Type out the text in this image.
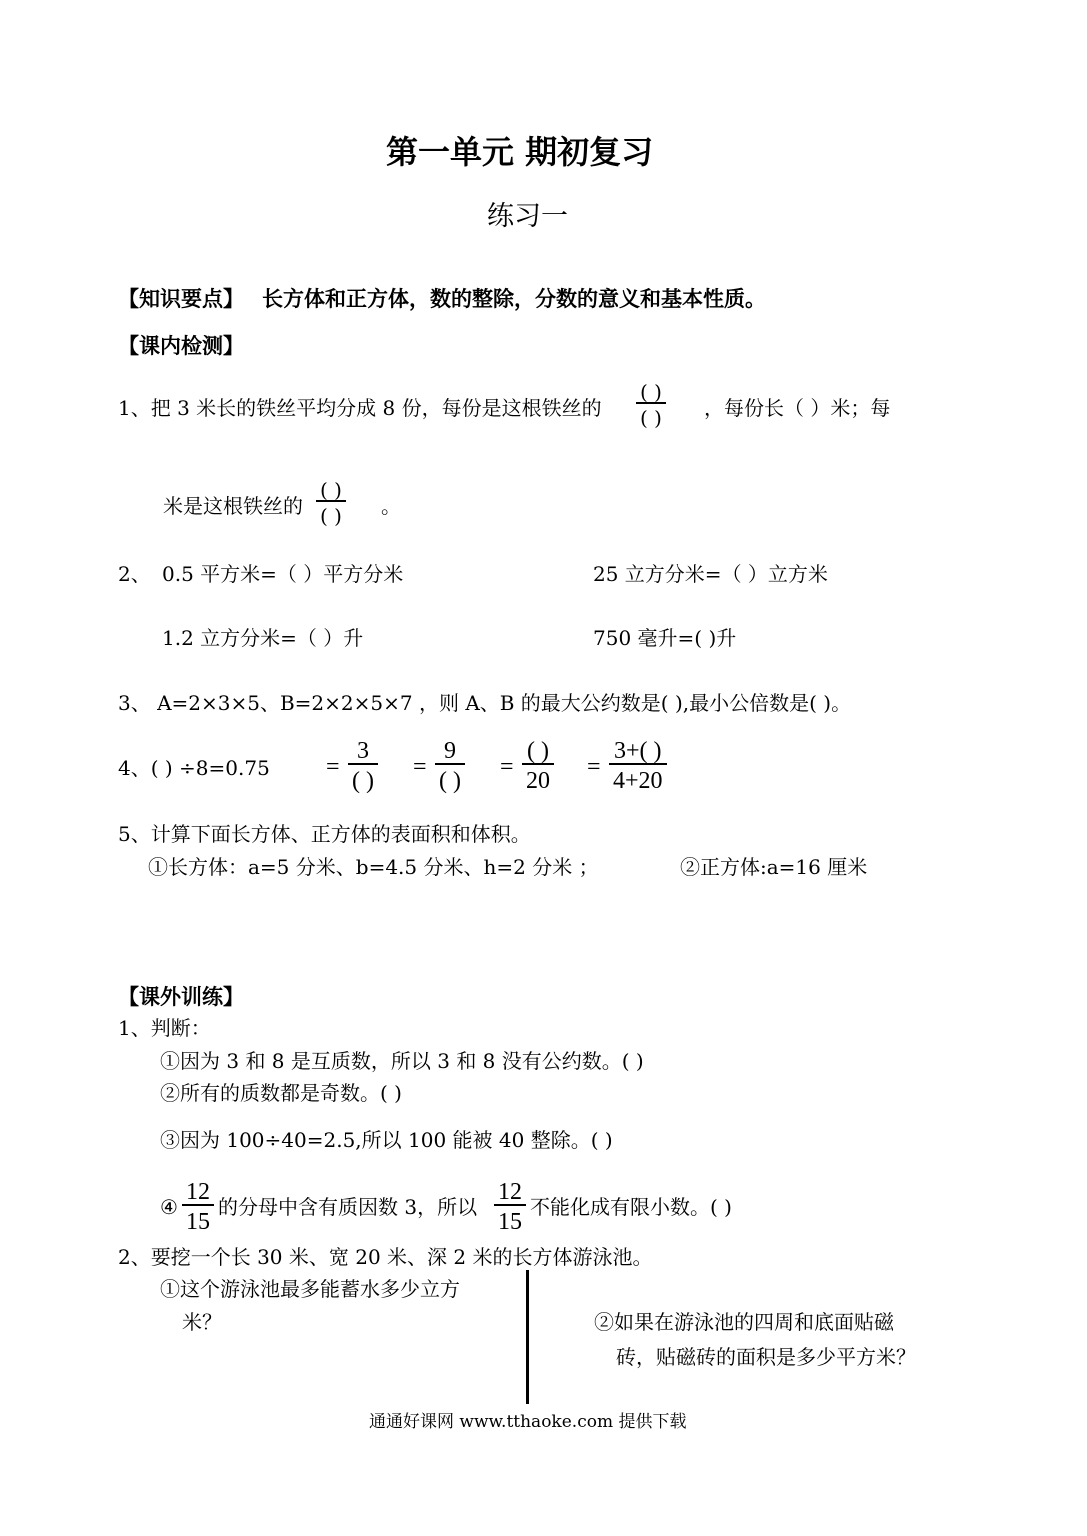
第一单元 期初复习
练习一
【知识要点】 长方体和正方体，数的整除，分数的意义和基本性质。
【课内检测】
1、把 3 米长的铁丝平均分成 8 份，每份是这根铁丝的
( )
( ) ，每份长（ ）米；每
米是这根铁丝的
( )
( ) 。
2、 0.5 平方米=（ ）平方分米	25 立方分米=（ ）立方米
1.2 立方分米=（ ）升	750 毫升=( )升
3、 A=2×3×5、B=2×2×5×7 ，则 A、B 的最大公约数是( ),最小公倍数是( )。
4、( ) ÷8=0.75 =
3
( )
=
9
( )
=
( )
20
= $\frac{3+( )}{4+20}$
5、计算下面长方体、正方体的表面积和体积。
①长方体：a=5 分米、b=4.5 分米、h=2 分米 ；	②正方体:a=16 厘米
【课外训练】
1、判断：
①因为 3 和 8 是互质数，所以 3 和 8 没有公约数。( )
②所有的质数都是奇数。( )
③因为 100÷40=2.5,所以 100 能被 40 整除。( )
④ $\frac{12}{15}$ 的分母中含有质因数 3，所以 $\frac{12}{15}$ 不能化成有限小数。( )
2、要挖一个长 30 米、宽 20 米、深 2 米的长方体游泳池。
①这个游泳池最多能蓄水多少立方
米？	②如果在游泳池的四周和底面贴磁
砖，贴磁砖的面积是多少平方米？
通通好课网 www.tthaoke.com 提供下载
